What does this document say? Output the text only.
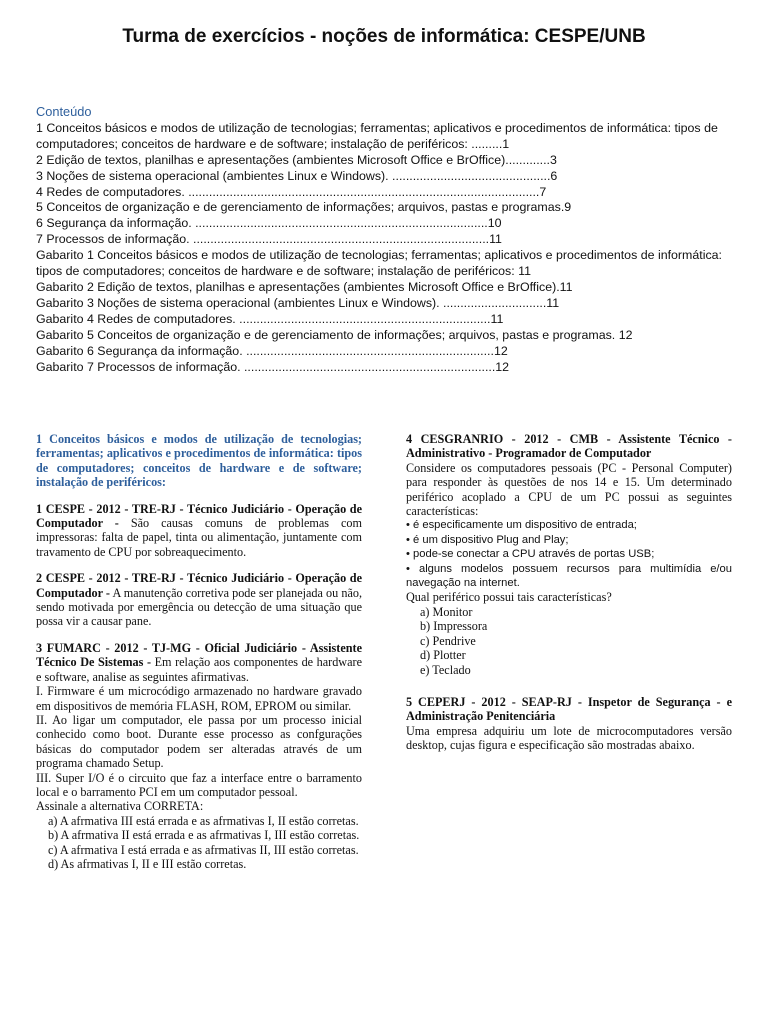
Turma de exercícios - noções de informática: CESPE/UNB
Conteúdo
1 Conceitos básicos e modos de utilização de tecnologias; ferramentas; aplicativos e procedimentos de informática: tipos de computadores; conceitos de hardware e de software; instalação de periféricos: .........1
2 Edição de textos, planilhas e apresentações (ambientes Microsoft Office e BrOffice).............3
3 Noções de sistema operacional (ambientes Linux e Windows). ..............................................6
4 Redes de computadores. ......................................................................................................7
5 Conceitos de organização e de gerenciamento de informações; arquivos, pastas e programas.9
6 Segurança da informação. .....................................................................................10
7 Processos de informação. ......................................................................................11
Gabarito 1 Conceitos básicos e modos de utilização de tecnologias; ferramentas; aplicativos e procedimentos de informática: tipos de computadores; conceitos de hardware e de software; instalação de periféricos: 11
Gabarito 2 Edição de textos, planilhas e apresentações (ambientes Microsoft Office e BrOffice).11
Gabarito 3 Noções de sistema operacional (ambientes Linux e Windows). ..............................11
Gabarito 4 Redes de computadores. .........................................................................11
Gabarito 5 Conceitos de organização e de gerenciamento de informações; arquivos, pastas e programas. 12
Gabarito 6 Segurança da informação. ........................................................................12
Gabarito 7 Processos de informação. .........................................................................12
1 Conceitos básicos e modos de utilização de tecnologias; ferramentas; aplicativos e procedimentos de informática: tipos de computadores; conceitos de hardware e de software; instalação de periféricos:
1 CESPE - 2012 - TRE-RJ - Técnico Judiciário - Operação de Computador - São causas comuns de problemas com impressoras: falta de papel, tinta ou alimentação, juntamente com travamento de CPU por sobreaquecimento.
2 CESPE - 2012 - TRE-RJ - Técnico Judiciário - Operação de Computador - A manutenção corretiva pode ser planejada ou não, sendo motivada por emergência ou detecção de uma situação que possa vir a causar pane.

3 FUMARC - 2012 - TJ-MG - Oficial Judiciário - Assistente Técnico De Sistemas - Em relação aos componentes de hardware e software, analise as seguintes afirmativas.

I. Firmware é um microcódigo armazenado no hardware gravado em dispositivos de memória FLASH, ROM, EPROM ou similar.

II. Ao ligar um computador, ele passa por um processo inicial conhecido como boot. Durante esse processo as confgurações básicas do computador podem ser alteradas através de um programa chamado Setup.

III. Super I/O é o circuito que faz a interface entre o barramento local e o barramento PCI em um computador pessoal.

Assinale a alternativa CORRETA:

a) A afrmativa III está errada e as afrmativas I, II estão corretas.

b) A afrmativa II está errada e as afrmativas I, III estão corretas.

c) A afrmativa I está errada e as afrmativas II, III estão corretas.

d) As afrmativas I, II e III estão corretas.

4 CESGRANRIO - 2012 - CMB - Assistente Técnico - Administrativo - Programador de Computador

Considere os computadores pessoais (PC - Personal Computer) para responder às questões de nos 14 e 15. Um determinado periférico acoplado a CPU de um PC possui as seguintes características:

• é especificamente um dispositivo de entrada;

• é um dispositivo Plug and Play;

• pode-se conectar a CPU através de portas USB;

• alguns modelos possuem recursos para multimídia e/ou navegação na internet.

Qual periférico possui tais características?

a) Monitor

b) Impressora

c) Pendrive

d) Plotter

e) Teclado

5 CEPERJ - 2012 - SEAP-RJ - Inspetor de Segurança - e Administração Penitenciária

Uma empresa adquiriu um lote de microcomputadores versão desktop, cujas figura e especificação são mostradas abaixo.
